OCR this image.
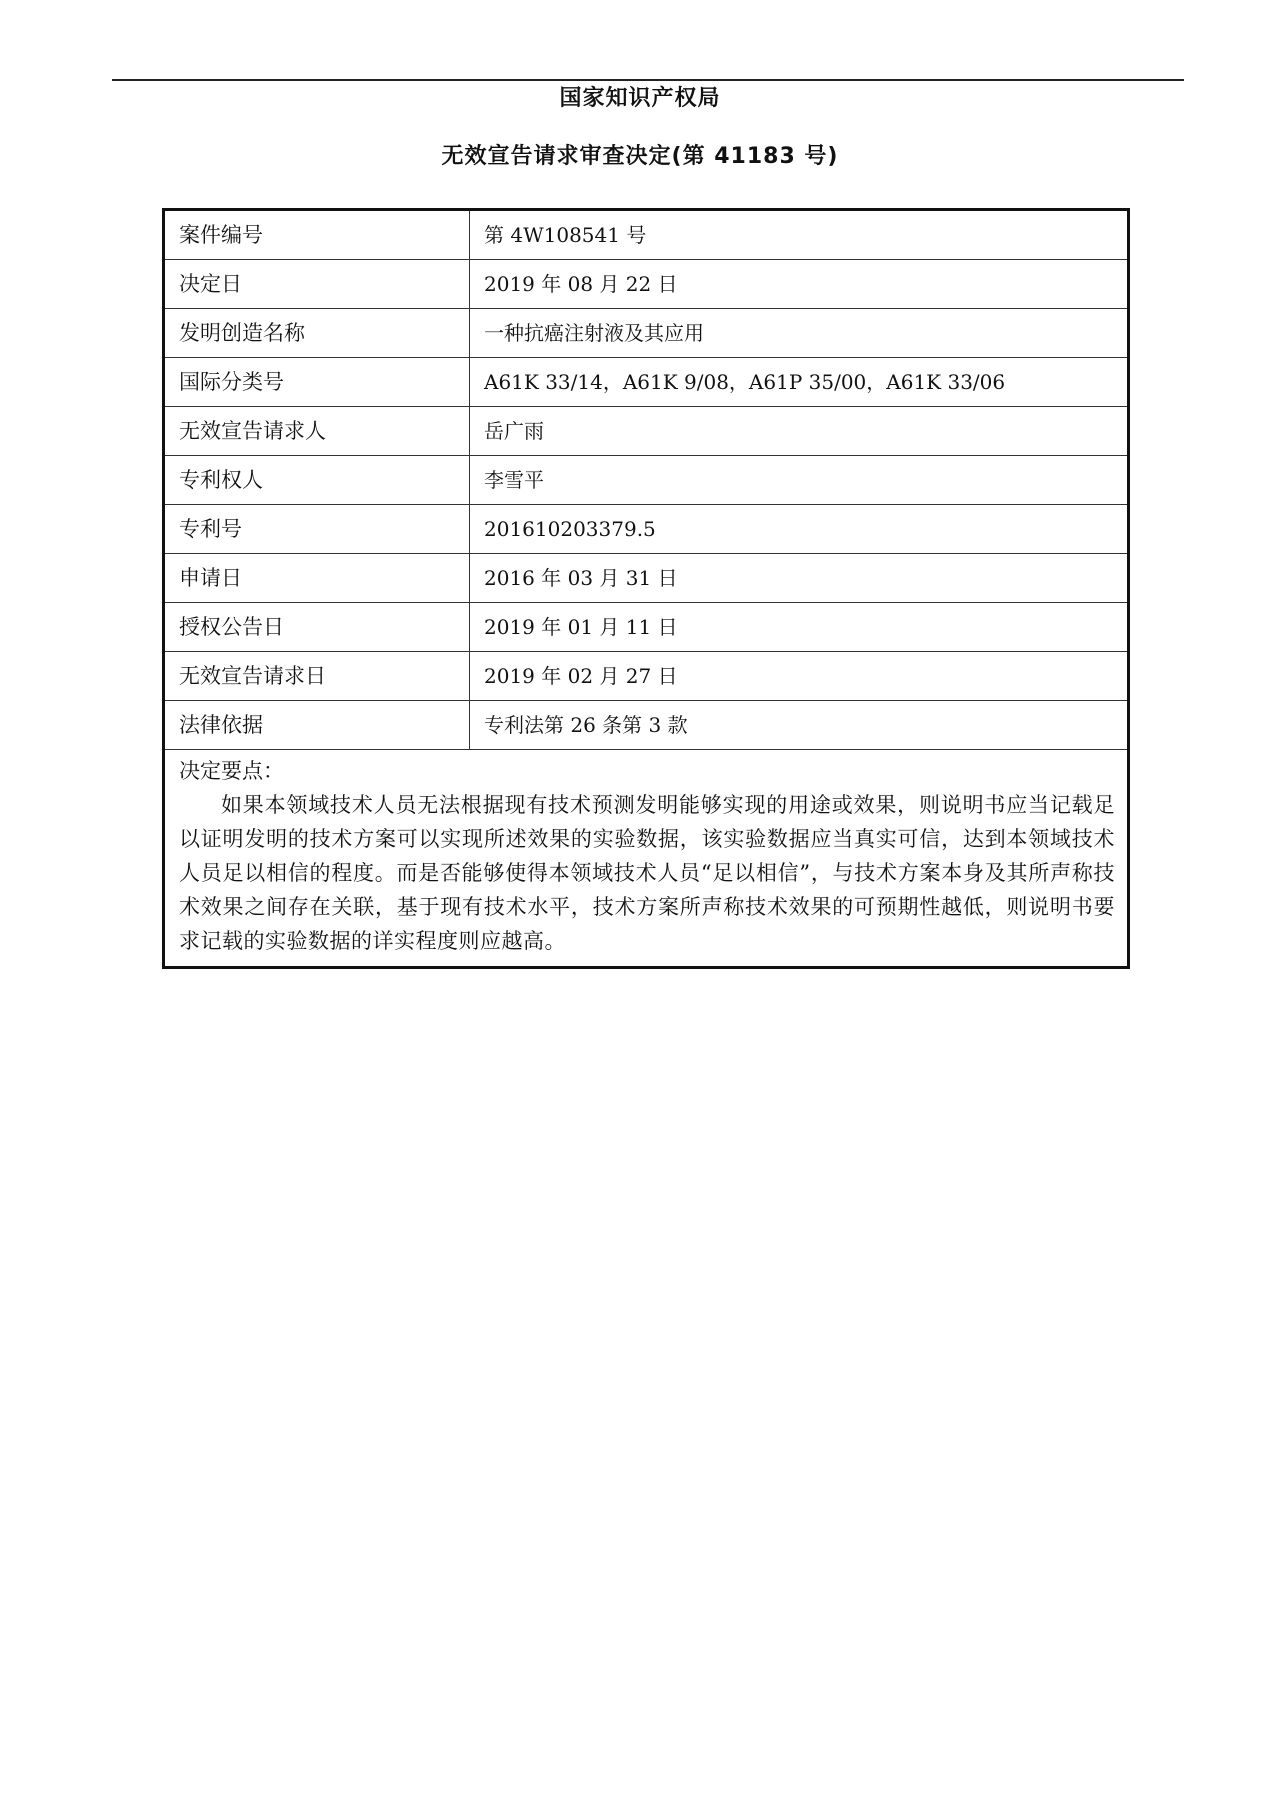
国家知识产权局
无效宣告请求审查决定(第 41183 号)
案件编号	第 4W108541 号
决定日	2019 年 08 月 22 日
发明创造名称	一种抗癌注射液及其应用
国际分类号	A61K 33/14，A61K 9/08，A61P 35/00，A61K 33/06
无效宣告请求人	岳广雨
专利权人	李雪平
专利号	201610203379.5
申请日	2016 年 03 月 31 日
授权公告日	2019 年 01 月 11 日
无效宣告请求日	2019 年 02 月 27 日
法律依据	专利法第 26 条第 3 款
决定要点：

如果本领域技术人员无法根据现有技术预测发明能够实现的用途或效果，则说明书应当记载足以证明发明的技术方案可以实现所述效果的实验数据，该实验数据应当真实可信，达到本领域技术人员足以相信的程度。而是否能够使得本领域技术人员“足以相信”，与技术方案本身及其所声称技术效果之间存在关联，基于现有技术水平，技术方案所声称技术效果的可预期性越低，则说明书要求记载的实验数据的详实程度则应越高。
